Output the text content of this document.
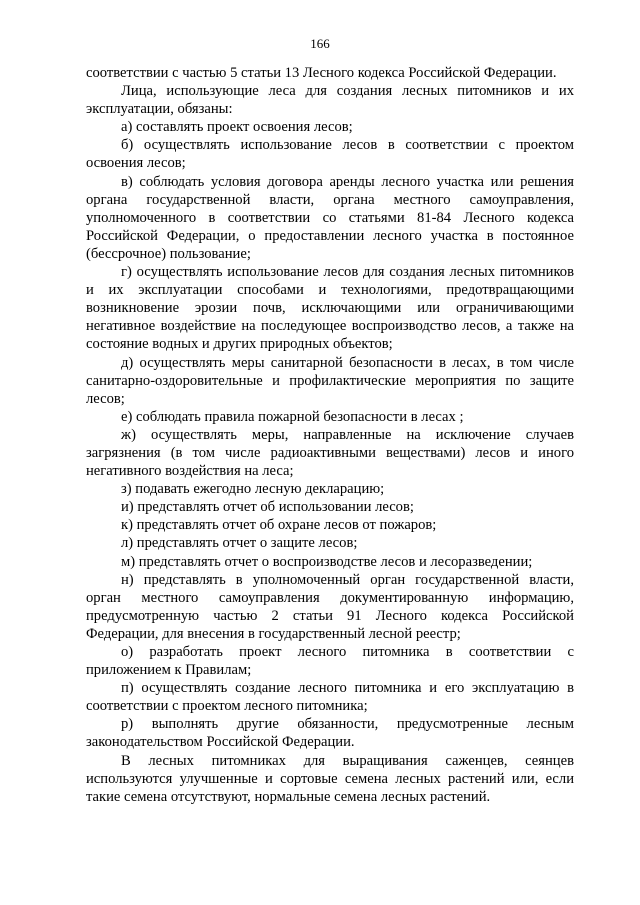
166

соответствии с частью 5 статьи 13 Лесного кодекса Российской Федерации.

Лица, использующие леса для создания лесных питомников и их эксплуатации, обязаны:

а) составлять проект освоения лесов;

б) осуществлять использование лесов в соответствии с проектом освоения лесов;

в) соблюдать условия договора аренды лесного участка или решения органа государственной власти, органа местного самоуправления, уполномоченного в соответствии со статьями 81-84 Лесного кодекса Российской Федерации, о предоставлении лесного участка в постоянное (бессрочное) пользование;

г) осуществлять использование лесов для создания лесных питомников и их эксплуатации способами и технологиями, предотвращающими возникновение эрозии почв, исключающими или ограничивающими негативное воздействие на последующее воспроизводство лесов, а также на состояние водных и других природных объектов;

д) осуществлять меры санитарной безопасности в лесах, в том числе санитарно-оздоровительные и профилактические мероприятия по защите лесов;

е) соблюдать правила пожарной безопасности в лесах ;

ж) осуществлять меры, направленные на исключение случаев загрязнения (в том числе радиоактивными веществами) лесов и иного негативного воздействия на леса;

з) подавать ежегодно лесную декларацию;

и) представлять отчет об использовании лесов;

к) представлять отчет об охране лесов от пожаров;

л) представлять отчет о защите лесов;

м) представлять отчет о воспроизводстве лесов и лесоразведении;

н) представлять в уполномоченный орган государственной власти, орган местного самоуправления документированную информацию, предусмотренную частью 2 статьи 91 Лесного кодекса Российской Федерации, для внесения в государственный лесной реестр;

о) разработать проект лесного питомника в соответствии с приложением к Правилам;

п) осуществлять создание лесного питомника и его эксплуатацию в соответствии с проектом лесного питомника;

р) выполнять другие обязанности, предусмотренные лесным законодательством Российской Федерации.

В лесных питомниках для выращивания саженцев, сеянцев используются улучшенные и сортовые семена лесных растений или, если такие семена отсутствуют, нормальные семена лесных растений.
